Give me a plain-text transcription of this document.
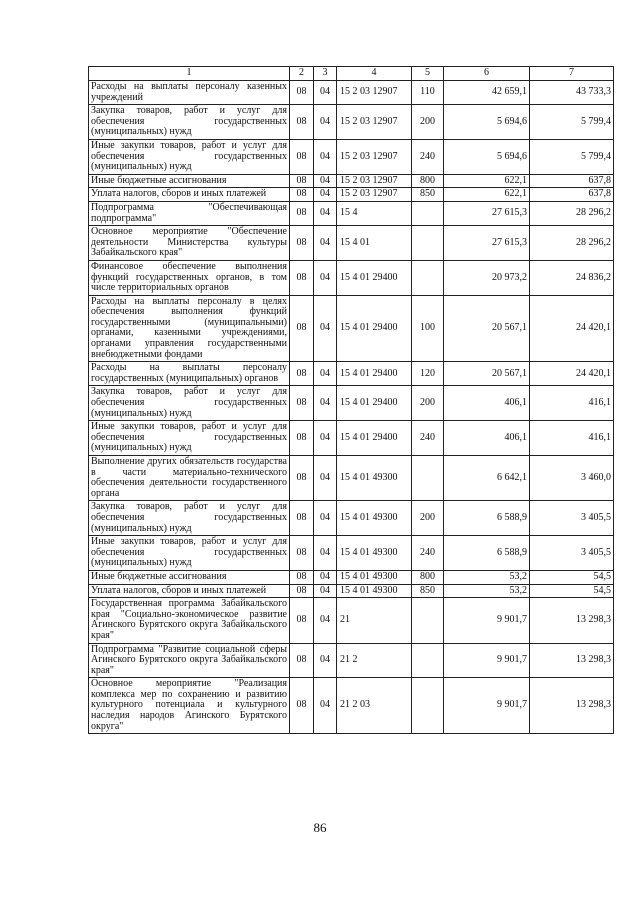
1	2	3	4	5	6	7
Расходы на выплаты персоналу казенных учреждений	08	04	15 2 03 12907	110	42 659,1	43 733,3
Закупка товаров, работ и услуг для обеспечения государственных (муниципальных) нужд	08	04	15 2 03 12907	200	5 694,6	5 799,4
Иные закупки товаров, работ и услуг для обеспечения государственных (муниципальных) нужд	08	04	15 2 03 12907	240	5 694,6	5 799,4
Иные бюджетные ассигнования	08	04	15 2 03 12907	800	622,1	637,8
Уплата налогов, сборов и иных платежей	08	04	15 2 03 12907	850	622,1	637,8
Подпрограмма "Обеспечивающая подпрограмма"	08	04	15 4		27 615,3	28 296,2
Основное мероприятие "Обеспечение деятельности Министерства культуры Забайкальского края"	08	04	15 4 01		27 615,3	28 296,2
Финансовое обеспечение выполнения функций государственных органов, в том числе территориальных органов	08	04	15 4 01 29400		20 973,2	24 836,2
Расходы на выплаты персоналу в целях обеспечения выполнения функций государственными (муниципальными) органами, казенными учреждениями, органами управления государственными внебюджетными фондами	08	04	15 4 01 29400	100	20 567,1	24 420,1
Расходы на выплаты персоналу государственных (муниципальных) органов	08	04	15 4 01 29400	120	20 567,1	24 420,1
Закупка товаров, работ и услуг для обеспечения государственных (муниципальных) нужд	08	04	15 4 01 29400	200	406,1	416,1
Иные закупки товаров, работ и услуг для обеспечения государственных (муниципальных) нужд	08	04	15 4 01 29400	240	406,1	416,1
Выполнение других обязательств государства в части материально-технического обеспечения деятельности государственного органа	08	04	15 4 01 49300		6 642,1	3 460,0
Закупка товаров, работ и услуг для обеспечения государственных (муниципальных) нужд	08	04	15 4 01 49300	200	6 588,9	3 405,5
Иные закупки товаров, работ и услуг для обеспечения государственных (муниципальных) нужд	08	04	15 4 01 49300	240	6 588,9	3 405,5
Иные бюджетные ассигнования	08	04	15 4 01 49300	800	53,2	54,5
Уплата налогов, сборов и иных платежей	08	04	15 4 01 49300	850	53,2	54,5
Государственная программа Забайкальского края "Социально-экономическое развитие Агинского Бурятского округа Забайкальского края"	08	04	21		9 901,7	13 298,3
Подпрограмма "Развитие социальной сферы Агинского Бурятского округа Забайкальского края"	08	04	21 2		9 901,7	13 298,3
Основное мероприятие "Реализация комплекса мер по сохранению и развитию культурного потенциала и культурного наследия народов Агинского Бурятского округа"	08	04	21 2 03		9 901,7	13 298,3
86
